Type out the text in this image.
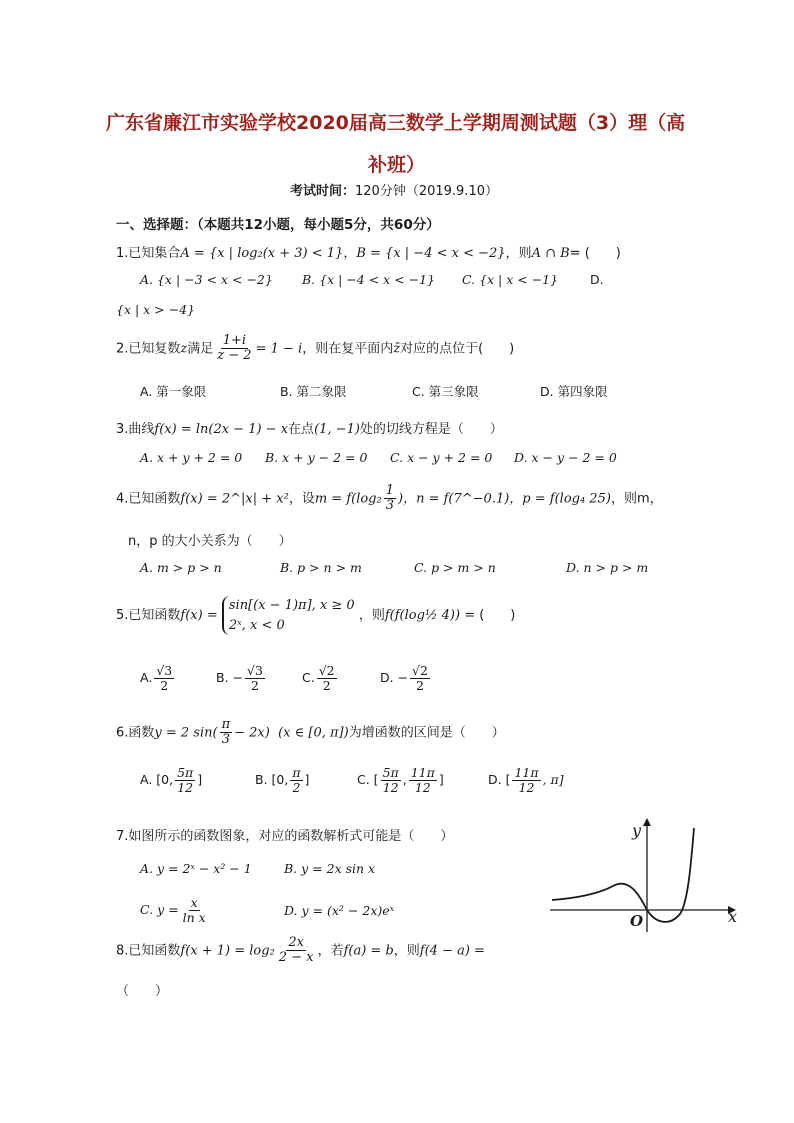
广东省廉江市实验学校2020届高三数学上学期周测试题（3）理（高
补班）
考试时间：120分钟（2019.9.10）
一、选择题：（本题共12小题，每小题5分，共60分）
1.已知集合A = {x | log₂(x + 3) < 1}，B = {x | −4 < x < −2}，则A ∩ B= (　　)
A. {x | −3 < x < −2} B. {x | −4 < x < −1} C. {x | x < −1}	D.
{x | x > −4}
2.已知复数z满足 $\frac{1+i}{z - 2} = 1 - i$，则在复平面内z̄对应的点位于(　　)
A. 第一象限	B. 第二象限	C. 第三象限	D. 第四象限
3.曲线f(x) = ln(2x − 1) − x在点(1, −1)处的切线方程是（　　）
A. x + y + 2 = 0 B. x + y − 2 = 0 C. x − y + 2 = 0 D. x − y − 2 = 0
4.已知函数f(x) = 2^|x| + x²，设$m = f(\log_2 \frac{1}{3}$ )，n = f(7^−0.1)，p = f(log₄ 25)，则m，
n，p 的大小关系为（　　）
A. m > p > n	B. p > n > m	C. p > m > n	D. n > p > m
5.已知函数f(x) =
sin[(x − 1)π], x ≥ 0
2ˣ, x < 0
，则f(f(log½ 4)) = (　　)
A. $\frac{√3}{2}$	B. − $\frac{√3}{2}$	C. $\frac{√2}{2}$	D. − $\frac{√2}{2}$
6.函数y = 2 $\sin( \frac{\pi}{3} - 2x)$ (x ∈ [0, π])为增函数的区间是（　　）
A. [0, $\frac{5\pi}{12}$ ]	B. [0, $\frac{\pi}{2}$ ]	C. [ $\frac{5\pi}{12}$ , $\frac{11\pi}{12}$ ]	D. [ $\frac{11\pi}{12}$ , π]
7.如图所示的函数图象，对应的函数解析式可能是（　　）
A. y = 2ˣ − x² − 1	B. y = 2x sin x
C. $y = \frac{x}{\text{ln x}}$	D. y = (x² − 2x)eˣ
y
x
O
8.已知函数$f(x + 1) = \log_2 \frac{2x}{2 - x}$ ，若f(a) = b，则f(4 − a) =
（　　）
